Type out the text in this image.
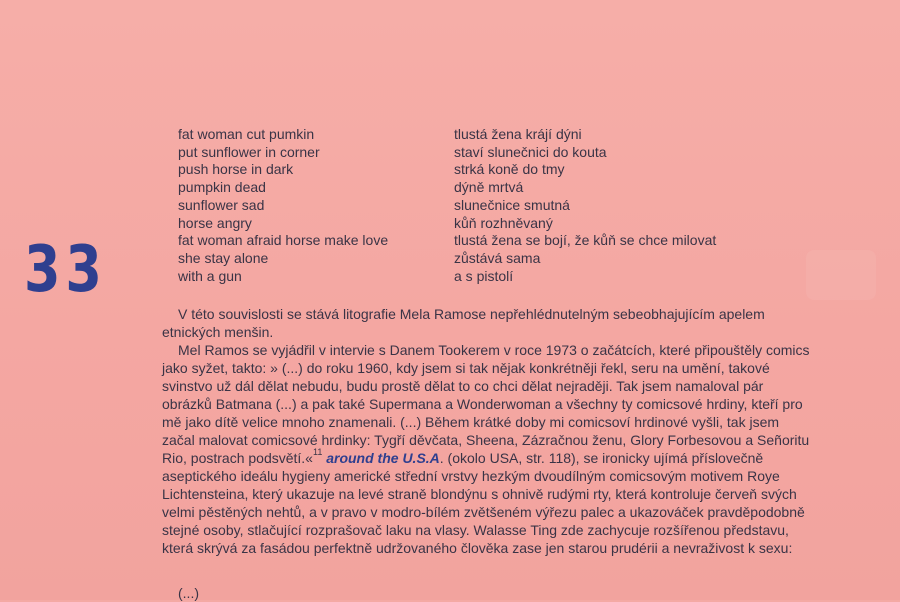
33
fat woman cut pumkin
put sunflower in corner
push horse in dark
pumpkin dead
sunflower sad
horse angry
fat woman afraid horse make love
she stay alone
with a gun
tlustá žena krájí dýni
staví slunečnici do kouta
strká koně do tmy
dýně mrtvá
slunečnice smutná
kůň rozhněvaný
tlustá žena se bojí, že kůň se chce milovat
zůstává sama
a s pistolí

V této souvislosti se stává litografie Mela Ramose nepřehlédnutelným sebeobhajujícím apelem etnických menšin.

Mel Ramos se vyjádřil v intervie s Danem Tookerem v roce 1973 o začátcích, které připouštěly comics jako syžet, takto: » (...) do roku 1960, kdy jsem si tak nějak konkrétněji řekl, seru na umění, takové svinstvo už dál dělat nebudu, budu prostě dělat to co chci dělat nejraději. Tak jsem namaloval pár obrázků Batmana (...) a pak také Supermana a Wonderwoman a všechny ty comicsové hrdiny, kteří pro mě jako dítě velice mnoho znamenali. (...) Během krátké doby mi comicsoví hrdinové vyšli, tak jsem začal malovat comicsové hrdinky: Tygří děvčata, Sheena, Zázračnou ženu, Glory Forbesovou a Señoritu Rio, postrach podsvětí.«$^{11}$ around the U.S.A. (okolo USA, str. 118), se ironicky ujímá příslovečně aseptického ideálu hygieny americké střední vrstvy hezkým dvoudílným comicsovým motivem Roye Lichtensteina, který ukazuje na levé straně blondýnu s ohnivě rudými rty, která kontroluje červeň svých velmi pěstěných nehtů, a v pravo v modro-bílém zvětšeném výřezu palec a ukazováček pravděpodobně stejné osoby, stlačující rozprašovač laku na vlasy. Walasse Ting zde zachycuje rozšířenou představu, která skrývá za fasádou perfektně udržovaného člověka zase jen starou prudérii a nevraživost k sexu:

(...)
